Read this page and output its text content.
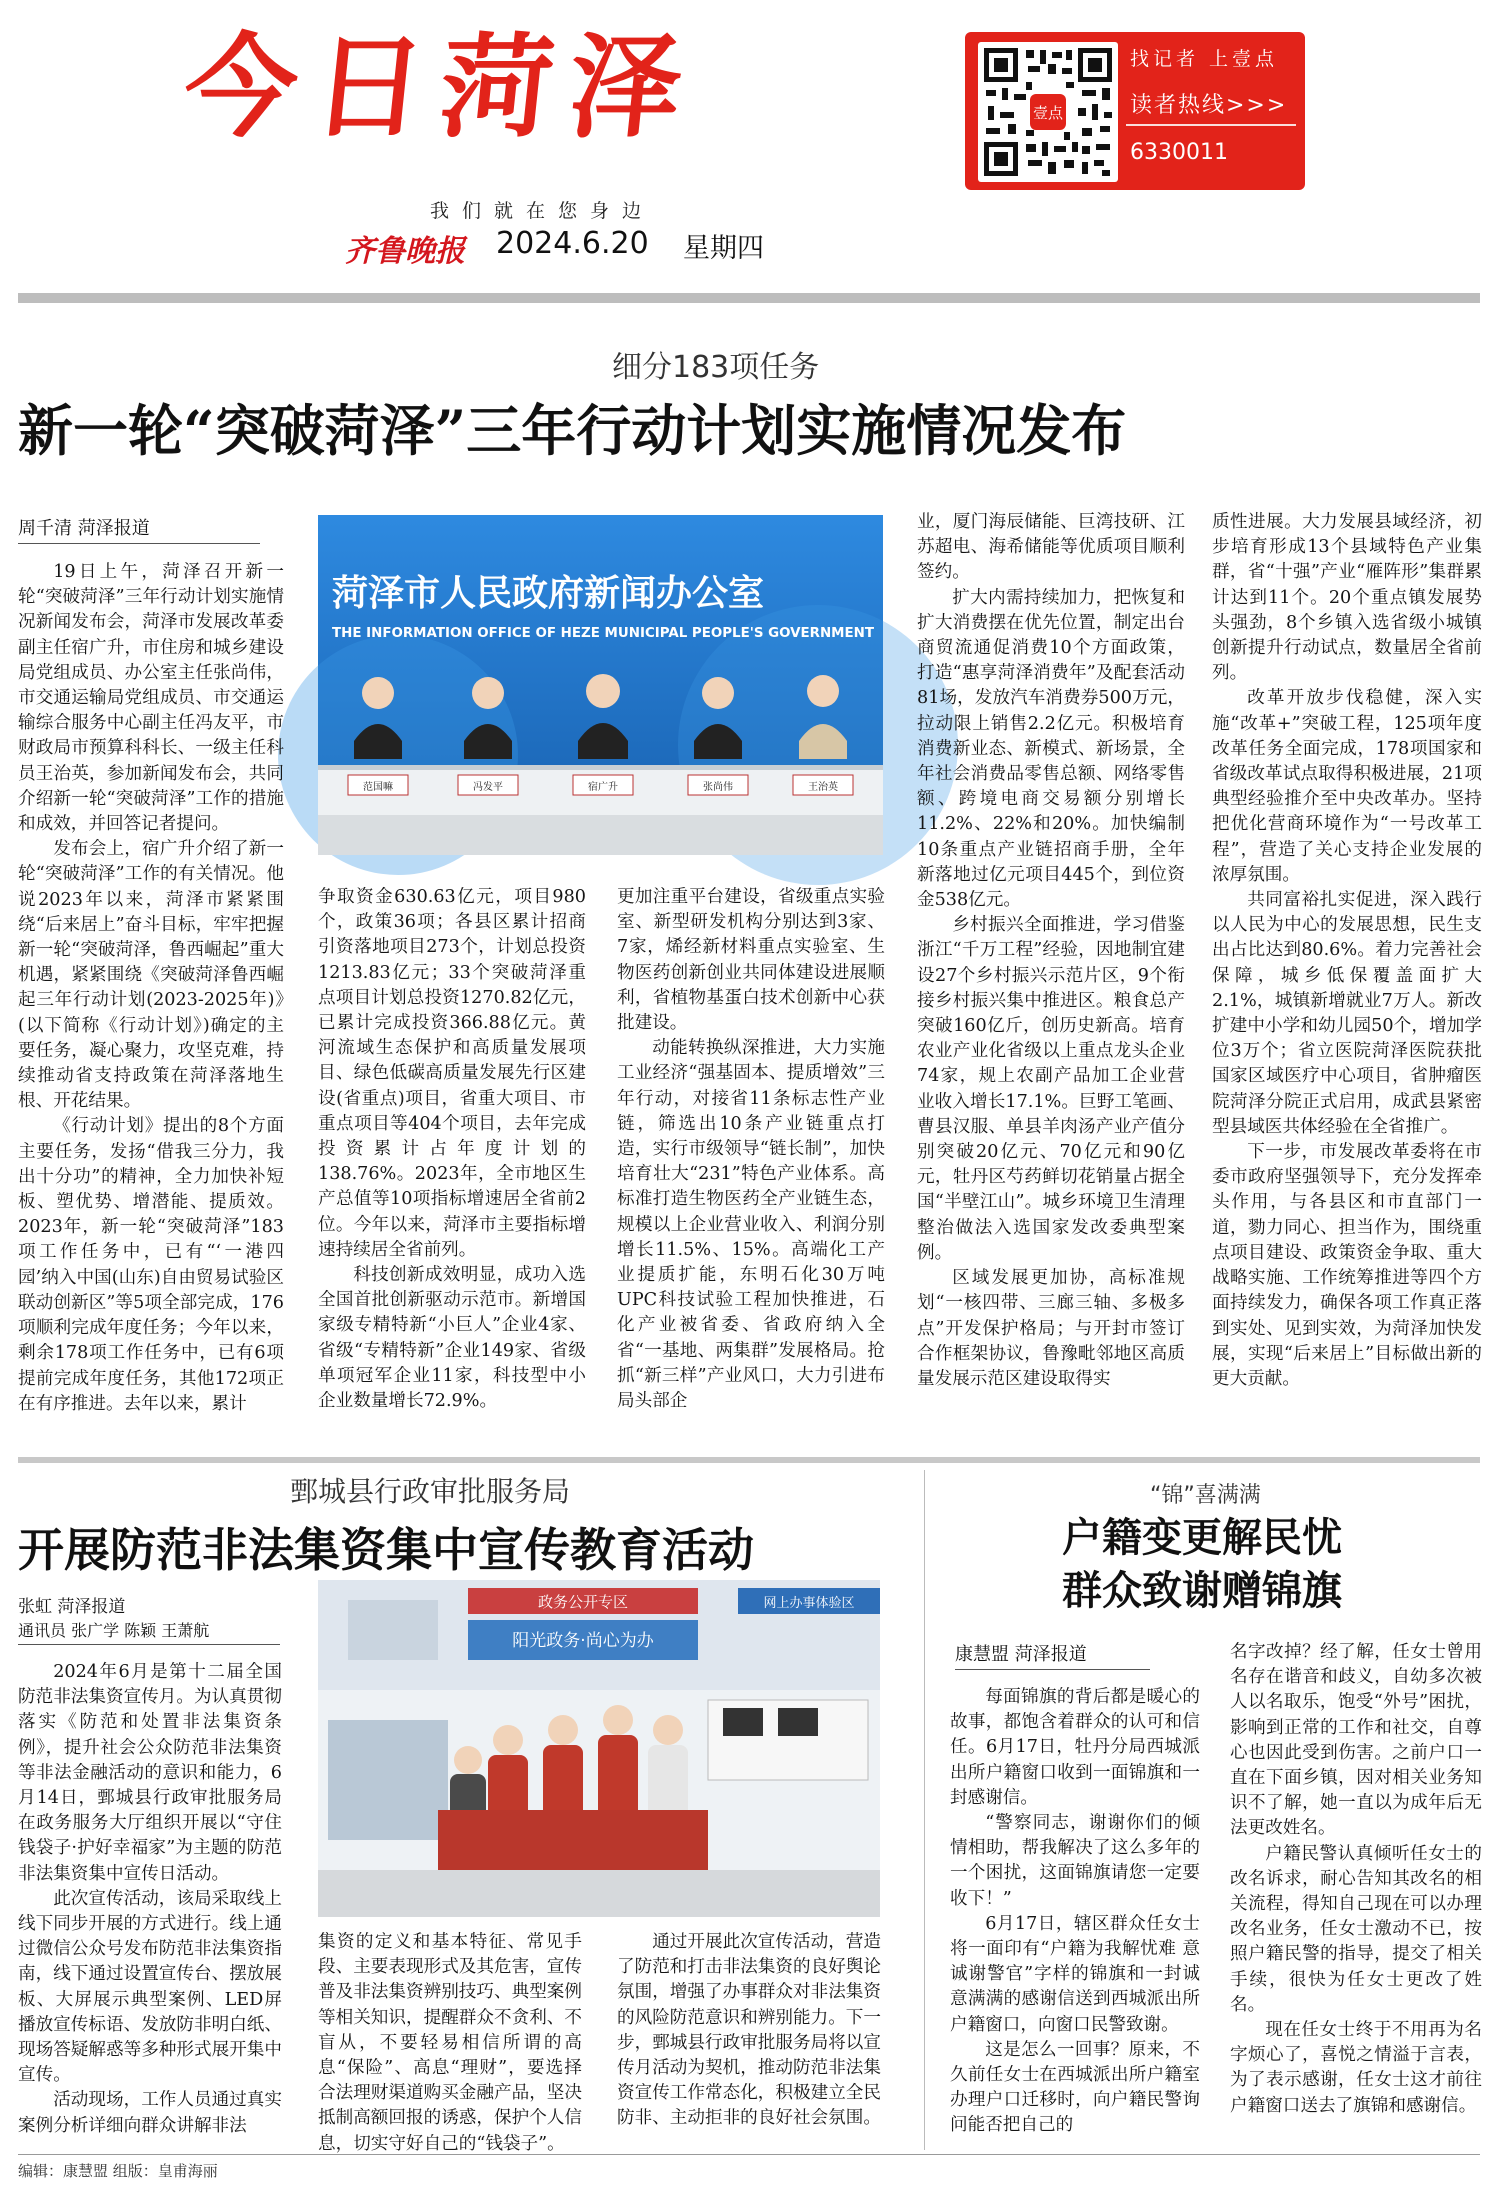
今日菏泽
我们就在您身边
齐鲁晚报 2024.6.20 星期四
壹点
找记者 上壹点
读者热线>>>
6330011
细分183项任务
新一轮“突破菏泽”三年行动计划实施情况发布
周千清 菏泽报道
菏泽市人民政府新闻办公室
THE INFORMATION OFFICE OF HEZE MUNICIPAL PEOPLE'S GOVERNMENT
范国嘛	冯发平	宿广升	张尚伟	王治英

19日上午，菏泽召开新一轮“突破菏泽”三年行动计划实施情况新闻发布会，菏泽市发展改革委副主任宿广升，市住房和城乡建设局党组成员、办公室主任张尚伟，市交通运输局党组成员、市交通运输综合服务中心副主任冯友平，市财政局市预算科科长、一级主任科员王治英，参加新闻发布会，共同介绍新一轮“突破菏泽”工作的措施和成效，并回答记者提问。

发布会上，宿广升介绍了新一轮“突破菏泽”工作的有关情况。他说2023年以来，菏泽市紧紧围绕“后来居上”奋斗目标，牢牢把握新一轮“突破菏泽，鲁西崛起”重大机遇，紧紧围绕《突破菏泽鲁西崛起三年行动计划(2023-2025年)》(以下简称《行动计划》)确定的主要任务，凝心聚力，攻坚克难，持续推动省支持政策在菏泽落地生根、开花结果。

《行动计划》提出的8个方面主要任务，发扬“借我三分力，我出十分功”的精神，全力加快补短板、塑优势、增潜能、提质效。2023年，新一轮“突破菏泽”183项工作任务中，已有“‘一港四园’纳入中国(山东)自由贸易试验区联动创新区”等5项全部完成，176项顺利完成年度任务；今年以来，剩余178项工作任务中，已有6项提前完成年度任务，其他172项正在有序推进。去年以来，累计

争取资金630.63亿元，项目980个，政策36项；各县区累计招商引资落地项目273个，计划总投资1213.83亿元；33个突破菏泽重点项目计划总投资1270.82亿元，已累计完成投资366.88亿元。黄河流域生态保护和高质量发展项目、绿色低碳高质量发展先行区建设(省重点)项目，省重大项目、市重点项目等404个项目，去年完成投资累计占年度计划的138.76%。2023年，全市地区生产总值等10项指标增速居全省前2位。今年以来，菏泽市主要指标增速持续居全省前列。

科技创新成效明显，成功入选全国首批创新驱动示范市。新增国家级专精特新“小巨人”企业4家、省级“专精特新”企业149家、省级单项冠军企业11家，科技型中小企业数量增长72.9%。

更加注重平台建设，省级重点实验室、新型研发机构分别达到3家、7家，烯经新材料重点实验室、生物医药创新创业共同体建设进展顺利，省植物基蛋白技术创新中心获批建设。

动能转换纵深推进，大力实施工业经济“强基固本、提质增效”三年行动，对接省11条标志性产业链，筛选出10条产业链重点打造，实行市级领导“链长制”，加快培育壮大“231”特色产业体系。高标准打造生物医药全产业链生态，规模以上企业营业收入、利润分别增长11.5%、15%。高端化工产业提质扩能，东明石化30万吨UPC科技试验工程加快推进，石化产业被省委、省政府纳入全省“一基地、两集群”发展格局。抢抓“新三样”产业风口，大力引进布局头部企

业，厦门海辰储能、巨湾技研、江苏超电、海希储能等优质项目顺利签约。

扩大内需持续加力，把恢复和扩大消费摆在优先位置，制定出台商贸流通促消费10个方面政策，打造“惠享菏泽消费年”及配套活动81场，发放汽车消费券500万元，拉动限上销售2.2亿元。积极培育消费新业态、新模式、新场景，全年社会消费品零售总额、网络零售额、跨境电商交易额分别增长11.2%、22%和20%。加快编制10条重点产业链招商手册，全年新落地过亿元项目445个，到位资金538亿元。

乡村振兴全面推进，学习借鉴浙江“千万工程”经验，因地制宜建设27个乡村振兴示范片区，9个衔接乡村振兴集中推进区。粮食总产突破160亿斤，创历史新高。培育农业产业化省级以上重点龙头企业74家，规上农副产品加工企业营业收入增长17.1%。巨野工笔画、曹县汉服、单县羊肉汤产业产值分别突破20亿元、70亿元和90亿元，牡丹区芍药鲜切花销量占据全国“半壁江山”。城乡环境卫生清理整治做法入选国家发改委典型案例。

区域发展更加协，高标准规划“一核四带、三廊三轴、多极多点”开发保护格局；与开封市签订合作框架协议，鲁豫毗邻地区高质量发展示范区建设取得实

质性进展。大力发展县域经济，初步培育形成13个县域特色产业集群，省“十强”产业“雁阵形”集群累计达到11个。20个重点镇发展势头强劲，8个乡镇入选省级小城镇创新提升行动试点，数量居全省前列。

改革开放步伐稳健，深入实施“改革+”突破工程，125项年度改革任务全面完成，178项国家和省级改革试点取得积极进展，21项典型经验推介至中央改革办。坚持把优化营商环境作为“一号改革工程”，营造了关心支持企业发展的浓厚氛围。

共同富裕扎实促进，深入践行以人民为中心的发展思想，民生支出占比达到80.6%。着力完善社会保障，城乡低保覆盖面扩大2.1%，城镇新增就业7万人。新改扩建中小学和幼儿园50个，增加学位3万个；省立医院菏泽医院获批国家区域医疗中心项目，省肿瘤医院菏泽分院正式启用，成武县紧密型县域医共体经验在全省推广。

下一步，市发展改革委将在市委市政府坚强领导下，充分发挥牵头作用，与各县区和市直部门一道，勠力同心、担当作为，围绕重点项目建设、政策资金争取、重大战略实施、工作统筹推进等四个方面持续发力，确保各项工作真正落到实处、见到实效，为菏泽加快发展，实现“后来居上”目标做出新的更大贡献。

鄄城县行政审批服务局
开展防范非法集资集中宣传教育活动
张虹 菏泽报道
通讯员 张广学 陈颖 王萧航
政务公开专区
阳光政务·尚心为办
网上办事体验区

2024年6月是第十二届全国防范非法集资宣传月。为认真贯彻落实《防范和处置非法集资条例》，提升社会公众防范非法集资等非法金融活动的意识和能力，6月14日，鄄城县行政审批服务局在政务服务大厅组织开展以“守住钱袋子·护好幸福家”为主题的防范非法集资集中宣传日活动。

此次宣传活动，该局采取线上线下同步开展的方式进行。线上通过微信公众号发布防范非法集资指南，线下通过设置宣传台、摆放展板、大屏展示典型案例、LED屏播放宣传标语、发放防非明白纸、现场答疑解惑等多种形式展开集中宣传。

活动现场，工作人员通过真实案例分析详细向群众讲解非法

集资的定义和基本特征、常见手段、主要表现形式及其危害，宣传普及非法集资辨别技巧、典型案例等相关知识，提醒群众不贪利、不盲从，不要轻易相信所谓的高息“保险”、高息“理财”，要选择合法理财渠道购买金融产品，坚决抵制高额回报的诱惑，保护个人信息，切实守好自己的“钱袋子”。

通过开展此次宣传活动，营造了防范和打击非法集资的良好舆论氛围，增强了办事群众对非法集资的风险防范意识和辨别能力。下一步，鄄城县行政审批服务局将以宣传月活动为契机，推动防范非法集资宣传工作常态化，积极建立全民防非、主动拒非的良好社会氛围。

“锦”喜满满
户籍变更解民忧
群众致谢赠锦旗
康慧盟 菏泽报道

每面锦旗的背后都是暖心的故事，都饱含着群众的认可和信任。6月17日，牡丹分局西城派出所户籍窗口收到一面锦旗和一封感谢信。

“警察同志，谢谢你们的倾情相助，帮我解决了这么多年的一个困扰，这面锦旗请您一定要收下！”

6月17日，辖区群众任女士将一面印有“户籍为我解忧难 意诚谢警官”字样的锦旗和一封诚意满满的感谢信送到西城派出所户籍窗口，向窗口民警致谢。

这是怎么一回事？原来，不久前任女士在西城派出所户籍室办理户口迁移时，向户籍民警询问能否把自己的

名字改掉？经了解，任女士曾用名存在谐音和歧义，自幼多次被人以名取乐，饱受“外号”困扰，影响到正常的工作和社交，自尊心也因此受到伤害。之前户口一直在下面乡镇，因对相关业务知识不了解，她一直以为成年后无法更改姓名。

户籍民警认真倾听任女士的改名诉求，耐心告知其改名的相关流程，得知自己现在可以办理改名业务，任女士激动不已，按照户籍民警的指导，提交了相关手续，很快为任女士更改了姓名。

现在任女士终于不用再为名字烦心了，喜悦之情溢于言表，为了表示感谢，任女士这才前往户籍窗口送去了旗锦和感谢信。

编辑：康慧盟 组版：皇甫海丽
